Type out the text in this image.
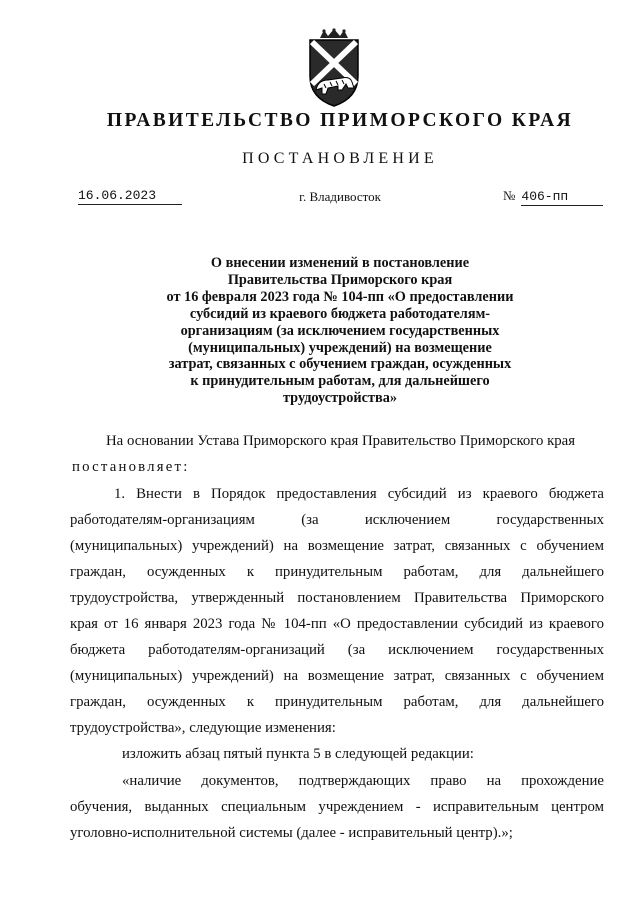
ПРАВИТЕЛЬСТВО ПРИМОРСКОГО КРАЯ
ПОСТАНОВЛЕНИЕ
16.06.2023	г. Владивосток	№ 406-пп
О внесении изменений в постановление
Правительства Приморского края
от 16 февраля 2023 года № 104-пп «О предоставлении
субсидий из краевого бюджета работодателям-
организациям (за исключением государственных
(муниципальных) учреждений) на возмещение
затрат, связанных с обучением граждан, осужденных
к принудительным работам, для дальнейшего
трудоустройства»
На основании Устава Приморского края Правительство Приморского края
постановляет:
1. Внести в Порядок предоставления субсидий из краевого бюджета
работодателям-организациям (за исключением государственных
(муниципальных) учреждений) на возмещение затрат, связанных с обучением
граждан, осужденных к принудительным работам, для дальнейшего
трудоустройства, утвержденный постановлением Правительства Приморского
края от 16 января 2023 года № 104-пп «О предоставлении субсидий из краевого
бюджета работодателям-организаций (за исключением государственных
(муниципальных) учреждений) на возмещение затрат, связанных с обучением
граждан, осужденных к принудительным работам, для дальнейшего
трудоустройства», следующие изменения:
изложить абзац пятый пункта 5 в следующей редакции:
«наличие документов, подтверждающих право на прохождение
обучения, выданных специальным учреждением - исправительным центром
уголовно-исполнительной системы (далее - исправительный центр).»;
